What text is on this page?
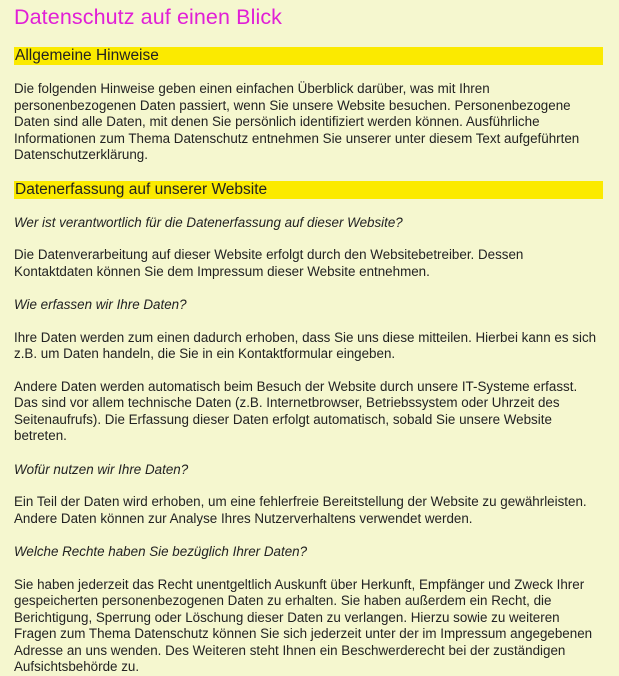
Datenschutz auf einen Blick
Allgemeine Hinweise

Die folgenden Hinweise geben einen einfachen Überblick darüber, was mit Ihren personenbezogenen Daten passiert, wenn Sie unsere Website besuchen. Personenbezogene Daten sind alle Daten, mit denen Sie persönlich identifiziert werden können. Ausführliche Informationen zum Thema Datenschutz entnehmen Sie unserer unter diesem Text aufgeführten Datenschutzerklärung.

Datenerfassung auf unserer Website

Wer ist verantwortlich für die Datenerfassung auf dieser Website?

Die Datenverarbeitung auf dieser Website erfolgt durch den Websitebetreiber. Dessen Kontaktdaten können Sie dem Impressum dieser Website entnehmen.

Wie erfassen wir Ihre Daten?

Ihre Daten werden zum einen dadurch erhoben, dass Sie uns diese mitteilen. Hierbei kann es sich z.B. um Daten handeln, die Sie in ein Kontaktformular eingeben.

Andere Daten werden automatisch beim Besuch der Website durch unsere IT-Systeme erfasst. Das sind vor allem technische Daten (z.B. Internetbrowser, Betriebssystem oder Uhrzeit des Seitenaufrufs). Die Erfassung dieser Daten erfolgt automatisch, sobald Sie unsere Website betreten.

Wofür nutzen wir Ihre Daten?

Ein Teil der Daten wird erhoben, um eine fehlerfreie Bereitstellung der Website zu gewährleisten. Andere Daten können zur Analyse Ihres Nutzerverhaltens verwendet werden.

Welche Rechte haben Sie bezüglich Ihrer Daten?

Sie haben jederzeit das Recht unentgeltlich Auskunft über Herkunft, Empfänger und Zweck Ihrer gespeicherten personenbezogenen Daten zu erhalten. Sie haben außerdem ein Recht, die Berichtigung, Sperrung oder Löschung dieser Daten zu verlangen. Hierzu sowie zu weiteren Fragen zum Thema Datenschutz können Sie sich jederzeit unter der im Impressum angegebenen Adresse an uns wenden. Des Weiteren steht Ihnen ein Beschwerderecht bei der zuständigen Aufsichtsbehörde zu.
